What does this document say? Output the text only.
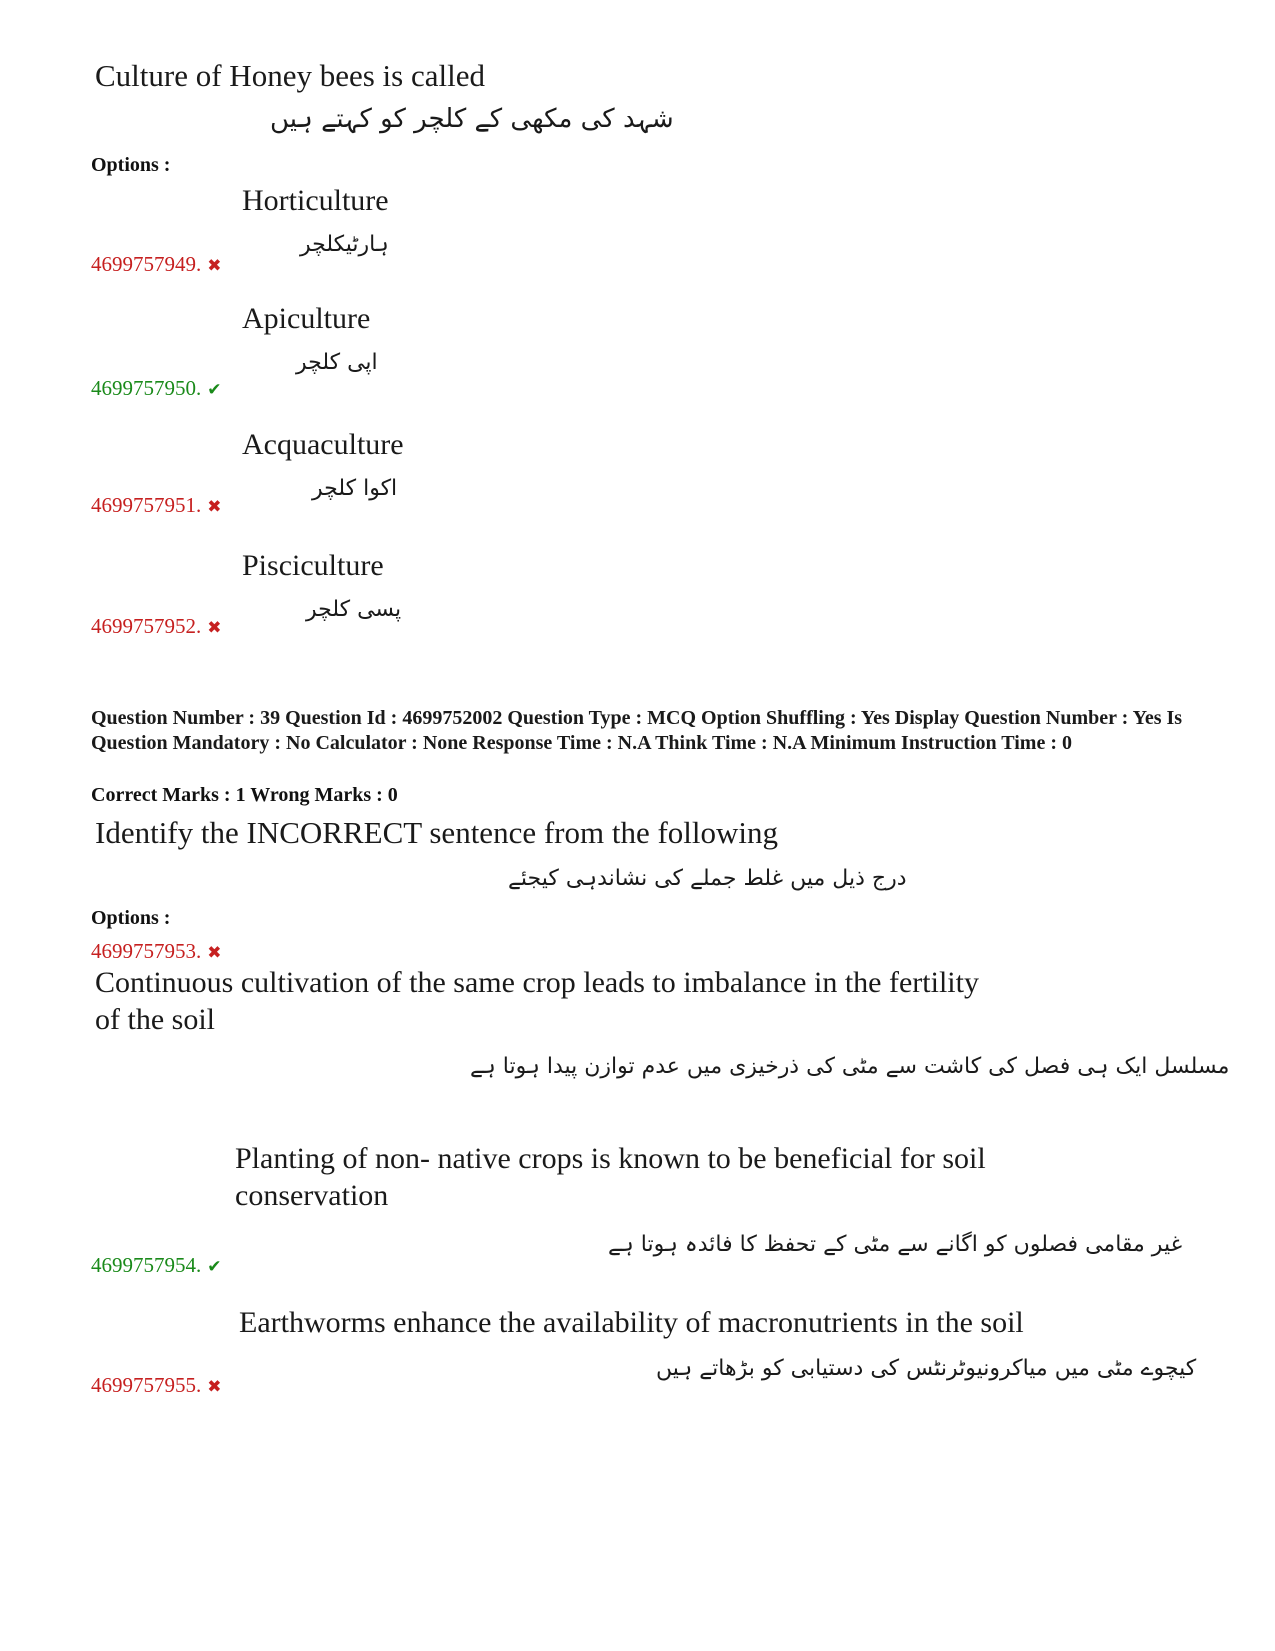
Culture of Honey bees is called
شہد کی مکھی کے کلچر کو کہتے ہیں
Options :
Horticulture
ہارٹیکلچر
4699757949. ✖
Apiculture
اپی کلچر
4699757950. ✔
Acquaculture
اکوا کلچر
4699757951. ✖
Pisciculture
پسی کلچر
4699757952. ✖
Question Number : 39 Question Id : 4699752002 Question Type : MCQ Option Shuffling : Yes Display Question Number : Yes Is Question Mandatory : No Calculator : None Response Time : N.A Think Time : N.A Minimum Instruction Time : 0
Correct Marks : 1 Wrong Marks : 0
Identify the INCORRECT sentence from the following
درج ذیل میں غلط جملے کی نشاندہی کیجئے
Options :
4699757953. ✖
Continuous cultivation of the same crop leads to imbalance in the fertility
of the soil
مسلسل ایک ہی فصل کی کاشت سے مٹی کی ذرخیزی میں عدم توازن پیدا ہوتا ہے
Planting of non- native crops is known to be beneficial for soil
conservation
غیر مقامی فصلوں کو اگانے سے مٹی کے تحفظ کا فائدہ ہوتا ہے
4699757954. ✔
Earthworms enhance the availability of macronutrients in the soil
کیچوے مٹی میں میاکرونیوٹرنٹس کی دستیابی کو بڑھاتے ہیں
4699757955. ✖
